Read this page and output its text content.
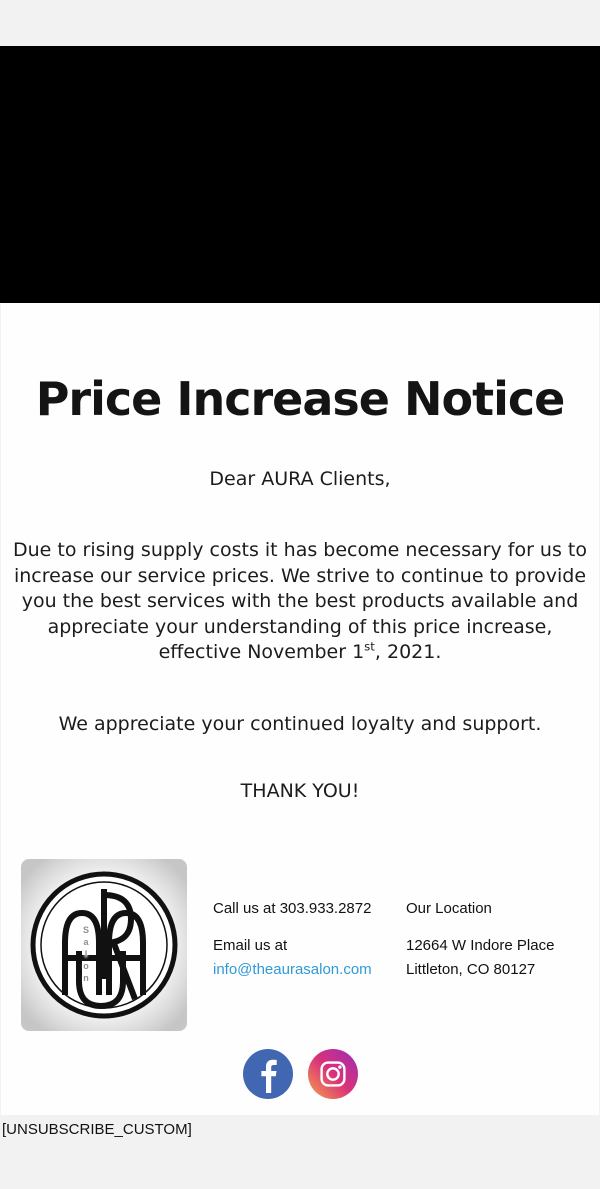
Price Increase Notice

Dear AURA Clients,

Due to rising supply costs it has become necessary for us to increase our service prices. We strive to continue to provide you the best services with the best products available and appreciate your understanding of this price increase, effective November 1st, 2021.

We appreciate your continued loyalty and support.

THANK YOU!

Salon
Call us at 303.933.2872
Email us at
info@theaurasalon.com
Our Location
12664 W Indore Place
Littleton, CO 80127
[UNSUBSCRIBE_CUSTOM]
